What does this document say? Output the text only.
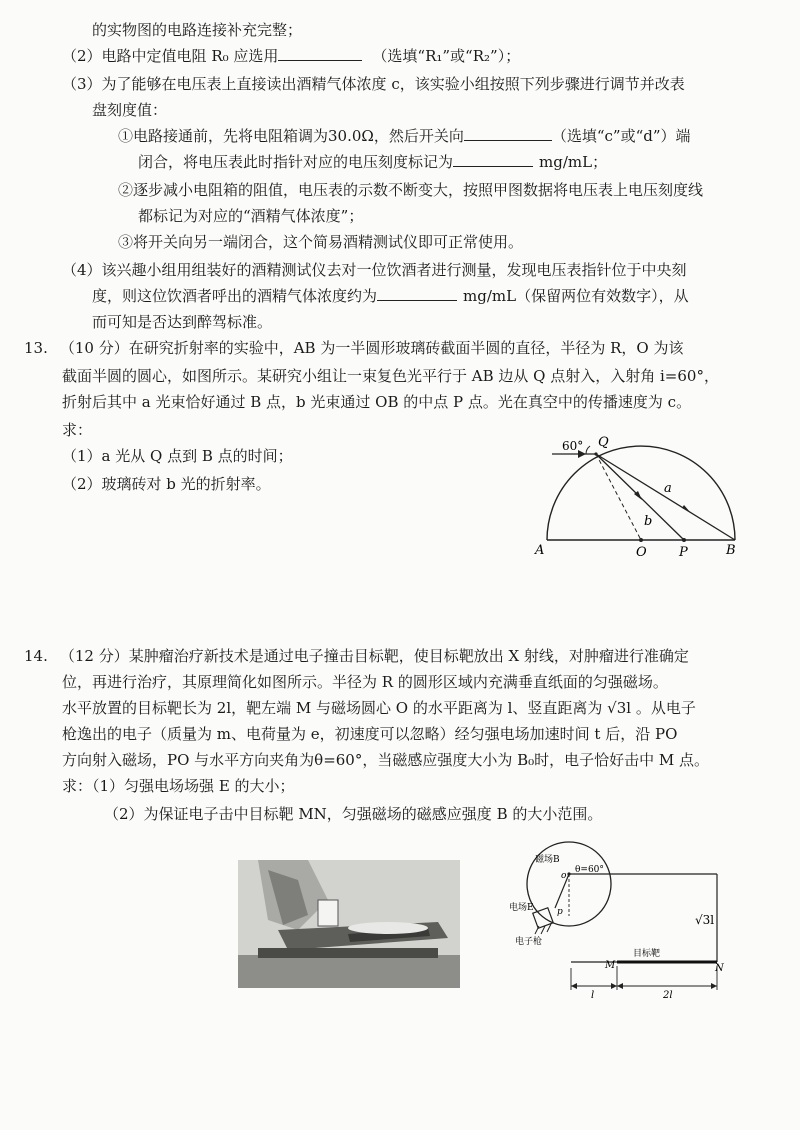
的实物图的电路连接补充完整；
（2）电路中定值电阻 R₀ 应选用	（选填“R₁”或“R₂”）；
（3）为了能够在电压表上直接读出酒精气体浓度 c，该实验小组按照下列步骤进行调节并改表
盘刻度值：
①电路接通前，先将电阻箱调为30.0Ω，然后开关向	（选填“c”或“d”）端
闭合，将电压表此时指针对应的电压刻度标记为	mg/mL；
②逐步减小电阻箱的阻值，电压表的示数不断变大，按照甲图数据将电压表上电压刻度线
都标记为对应的“酒精气体浓度”；
③将开关向另一端闭合，这个简易酒精测试仪即可正常使用。
（4）该兴趣小组用组装好的酒精测试仪去对一位饮酒者进行测量，发现电压表指针位于中央刻
度，则这位饮酒者呼出的酒精气体浓度约为	mg/mL（保留两位有效数字），从
而可知是否达到醉驾标准。
13. （10 分）在研究折射率的实验中，AB 为一半圆形玻璃砖截面半圆的直径，半径为 R，O 为该
截面半圆的圆心，如图所示。某研究小组让一束复色光平行于 AB 边从 Q 点射入，入射角 i=60°，
折射后其中 a 光束恰好通过 B 点，b 光束通过 OB 的中点 P 点。光在真空中的传播速度为 c。
求：
（1）a 光从 Q 点到 B 点的时间；
（2）玻璃砖对 b 光的折射率。
60° Q
a
b
A	O P	B
14. （12 分）某肿瘤治疗新技术是通过电子撞击目标靶，使目标靶放出 X 射线，对肿瘤进行准确定
位，再进行治疗，其原理简化如图所示。半径为 R 的圆形区域内充满垂直纸面的匀强磁场。
水平放置的目标靶长为 2l，靶左端 M 与磁场圆心 O 的水平距离为 l、竖直距离为 √3l 。从电子
枪逸出的电子（质量为 m、电荷量为 e，初速度可以忽略）经匀强电场加速时间 t 后，沿 PO
方向射入磁场，PO 与水平方向夹角为θ=60°，当磁感应强度大小为 B₀时，电子恰好击中 M 点。
求：（1）匀强电场场强 E 的大小；
（2）为保证电子击中目标靶 MN，匀强磁场的磁感应强度 B 的大小范围。
磁场B
o
θ=60°
电场E	p
电子枪
√3l
目标靶
M	N
l	2l
